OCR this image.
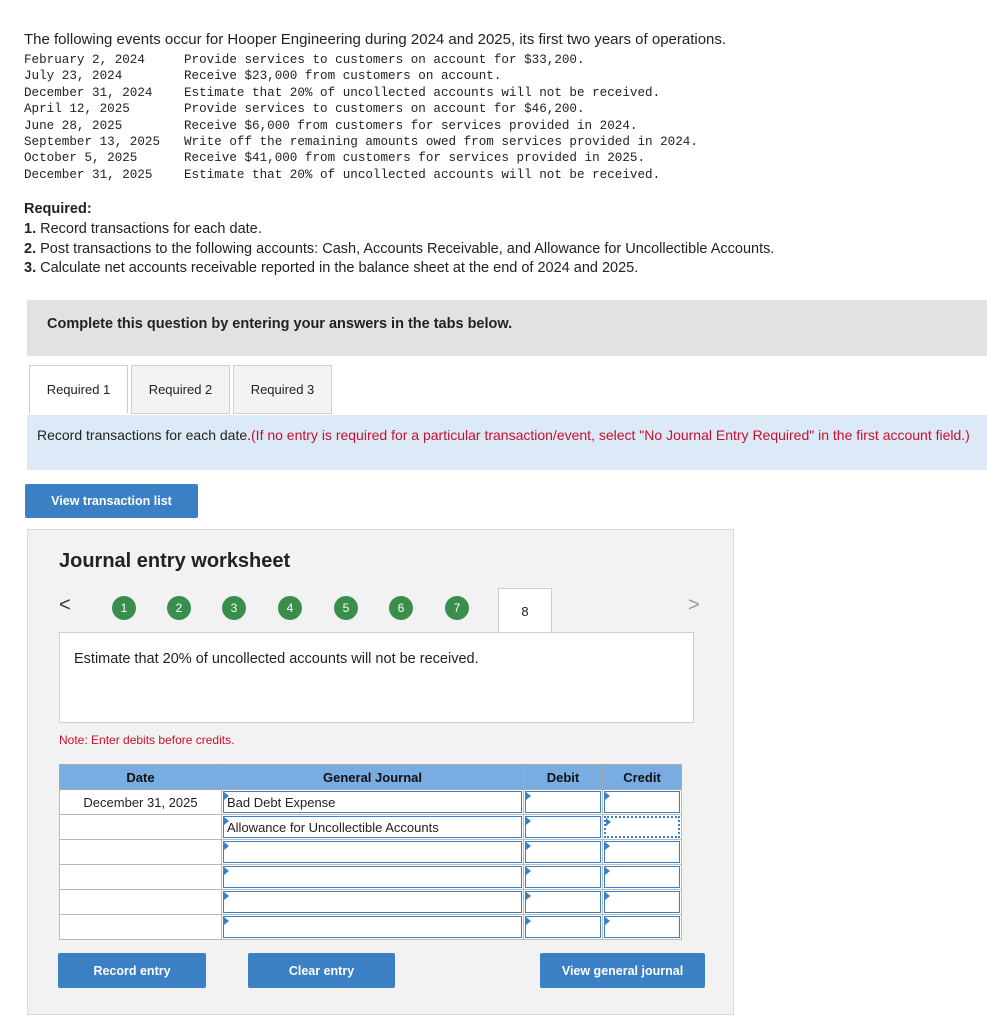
The following events occur for Hooper Engineering during 2024 and 2025, its first two years of operations.
February 2, 2024	Provide services to customers on account for $33,200.
July 23, 2024	Receive $23,000 from customers on account.
December 31, 2024	Estimate that 20% of uncollected accounts will not be received.
April 12, 2025	Provide services to customers on account for $46,200.
June 28, 2025	Receive $6,000 from customers for services provided in 2024.
September 13, 2025	Write off the remaining amounts owed from services provided in 2024.
October 5, 2025	Receive $41,000 from customers for services provided in 2025.
December 31, 2025	Estimate that 20% of uncollected accounts will not be received.
Required:
1. Record transactions for each date.
2. Post transactions to the following accounts: Cash, Accounts Receivable, and Allowance for Uncollectible Accounts.
3. Calculate net accounts receivable reported in the balance sheet at the end of 2024 and 2025.
Complete this question by entering your answers in the tabs below.
Required 1	Required 2	Required 3
Record transactions for each date.(If no entry is required for a particular transaction/event, select "No Journal Entry Required" in the first account field.)
View transaction list
Journal entry worksheet
<	1	2	3	4	5	6	7	8	>
Estimate that 20% of uncollected accounts will not be received.
Note: Enter debits before credits.
Date	General Journal	Debit	Credit
December 31, 2025	Bad Debt Expense		

	Allowance for Uncollectible Accounts		

Record entry	Clear entry	View general journal
